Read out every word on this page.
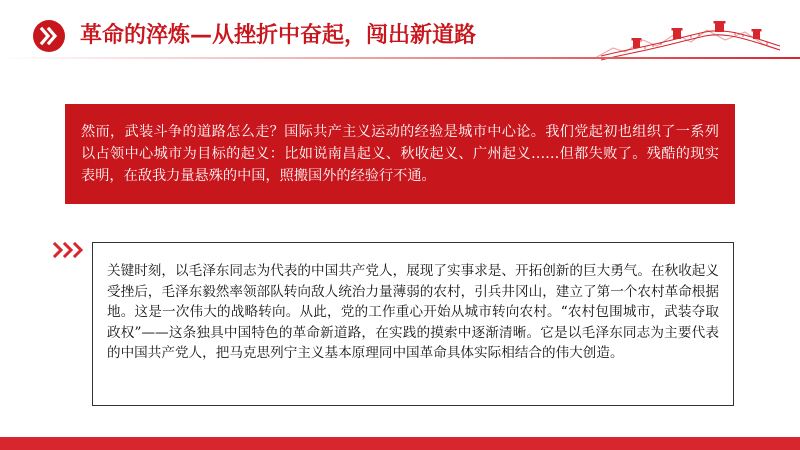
革命的淬炼—从挫折中奋起，闯出新道路

然而，武装斗争的道路怎么走？国际共产主义运动的经验是城市中心论。我们党起初也组织了一系列以占领中心城市为目标的起义：比如说南昌起义、秋收起义、广州起义……但都失败了。残酷的现实表明，在敌我力量悬殊的中国，照搬国外的经验行不通。

关键时刻，以毛泽东同志为代表的中国共产党人，展现了实事求是、开拓创新的巨大勇气。在秋收起义受挫后，毛泽东毅然率领部队转向敌人统治力量薄弱的农村，引兵井冈山，建立了第一个农村革命根据地。这是一次伟大的战略转向。从此，党的工作重心开始从城市转向农村。“农村包围城市，武装夺取政权”——这条独具中国特色的革命新道路，在实践的摸索中逐渐清晰。它是以毛泽东同志为主要代表的中国共产党人，把马克思列宁主义基本原理同中国革命具体实际相结合的伟大创造。
